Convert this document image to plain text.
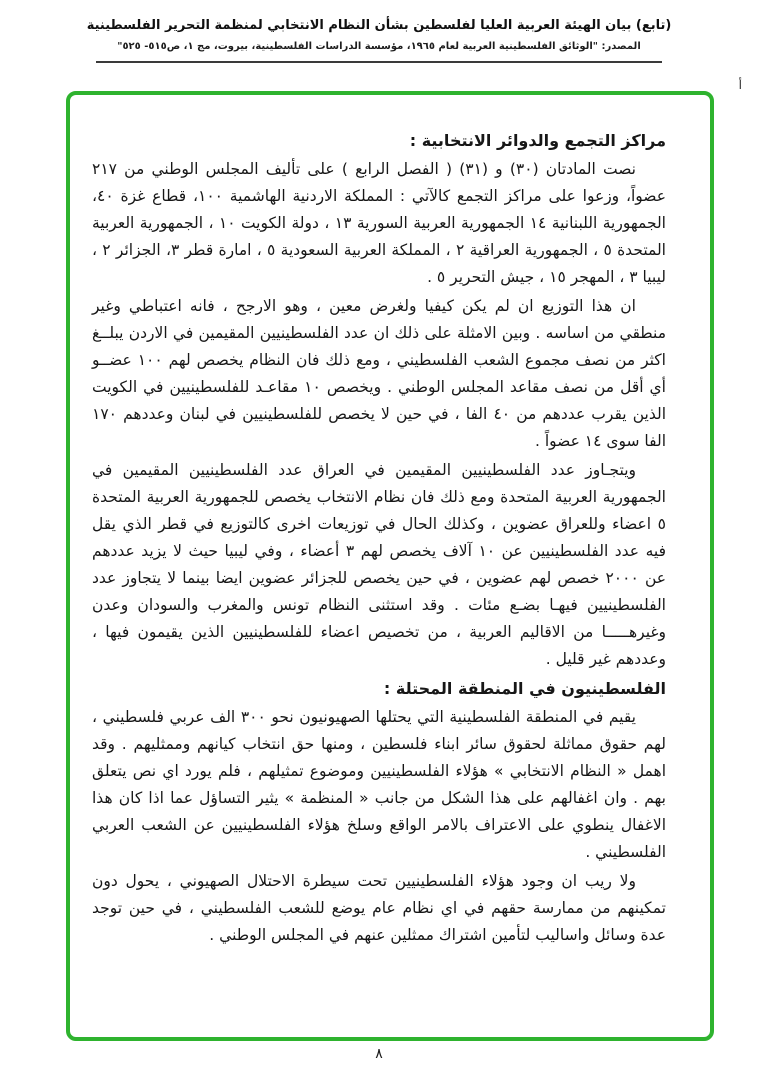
(تابع) بيان الهيئة العربية العليا لفلسطين بشأن النظام الانتخابي لمنظمة التحرير الفلسطينية
المصدر: "الوثائق الفلسطينية العربية لعام ١٩٦٥، مؤسسة الدراسات الفلسطينية، بيروت، مج ١، ص٥١٥- ٥٢٥"
أ
مراكز التجمع والدوائر الانتخابية :

نصت المادتان (٣٠) و (٣١) ( الفصل الرابع ) على تأليف المجلس الوطني من ٢١٧ عضواً، وزعوا على مراكز التجمع كالآتي : المملكة الاردنية الهاشمية ١٠٠، قطاع غزة ٤٠، الجمهورية اللبنانية ١٤ الجمهورية العربية السورية ١٣ ، دولة الكويت ١٠ ، الجمهورية العربية المتحدة ٥ ، الجمهورية العراقية ٢ ، المملكة العربية السعودية ٥ ، امارة قطر ٣، الجزائر ٢ ، ليبيا ٣ ، المهجر ١٥ ، جيش التحرير ٥ .

ان هذا التوزيع ان لم يكن كيفيا ولغرض معين ، وهو الارجح ، فانه اعتباطي وغير منطقي من اساسه . وبين الامثلة على ذلك ان عدد الفلسطينيين المقيمين في الاردن يبلــغ اكثر من نصف مجموع الشعب الفلسطيني ، ومع ذلك فان النظام يخصص لهم ١٠٠ عضــو أي أقل من نصف مقاعد المجلس الوطني . ويخصص ١٠ مقاعـد للفلسطينيين في الكويت الذين يقرب عددهم من ٤٠ الفا ، في حين لا يخصص للفلسطينيين في لبنان وعددهم ١٧٠ الفا سوى ١٤ عضواً .

ويتجـاوز عدد الفلسطينيين المقيمين في العراق عدد الفلسطينيين المقيمين في الجمهورية العربية المتحدة ومع ذلك فان نظام الانتخاب يخصص للجمهورية العربية المتحدة ٥ اعضاء وللعراق عضوين ، وكذلك الحال في توزيعات اخرى كالتوزيع في قطر الذي يقل فيه عدد الفلسطينيين عن ١٠ آلاف يخصص لهم ٣ أعضاء ، وفي ليبيا حيث لا يزيد عددهم عن ٢٠٠٠ خصص لهم عضوين ، في حين يخصص للجزائر عضوين ايضا بينما لا يتجاوز عدد الفلسطينيين فيهـا بضـع مئات . وقد استثنى النظام تونس والمغرب والسودان وعدن وغيرهـــــا من الاقاليم العربية ، من تخصيص اعضاء للفلسطينيين الذين يقيمون فيها ، وعددهم غير قليل .

الفلسطينيون في المنطقة المحتلة :

يقيم في المنطقة الفلسطينية التي يحتلها الصهيونيون نحو ٣٠٠ الف عربي فلسطيني ، لهم حقوق مماثلة لحقوق سائر ابناء فلسطين ، ومنها حق انتخاب كيانهم وممثليهم . وقد اهمل « النظام الانتخابي » هؤلاء الفلسطينيين وموضوع تمثيلهم ، فلم يورد اي نص يتعلق بهم . وان اغفالهم على هذا الشكل من جانب « المنظمة » يثير التساؤل عما اذا كان هذا الاغفال ينطوي على الاعتراف بالامر الواقع وسلخ هؤلاء الفلسطينيين عن الشعب العربي الفلسطيني .

ولا ريب ان وجود هؤلاء الفلسطينيين تحت سيطرة الاحتلال الصهيوني ، يحول دون تمكينهم من ممارسة حقهم في اي نظام عام يوضع للشعب الفلسطيني ، في حين توجد عدة وسائل واساليب لتأمين اشتراك ممثلين عنهم في المجلس الوطني .

٨
